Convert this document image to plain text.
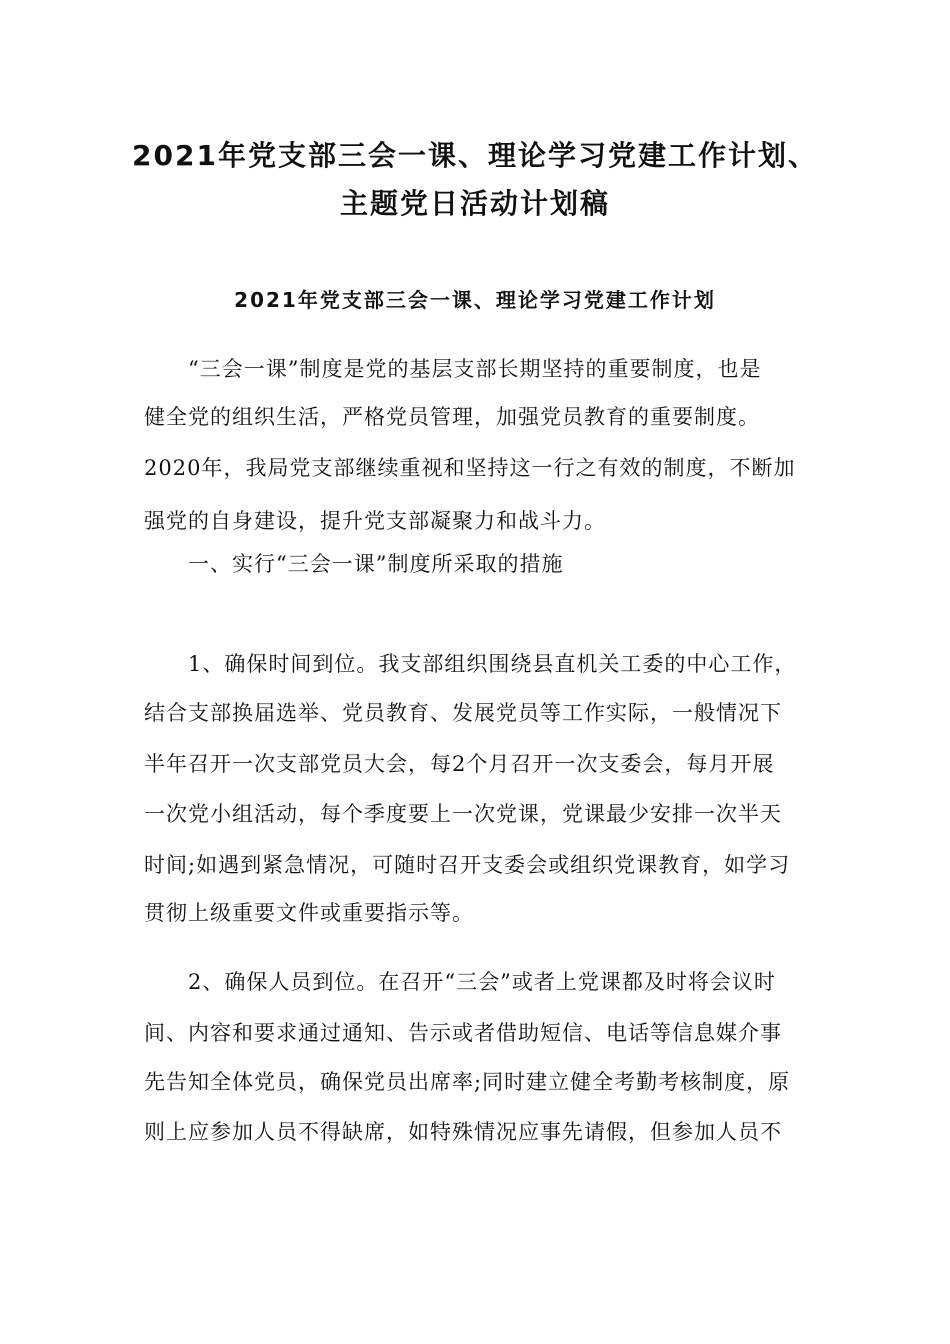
2021年党支部三会一课、理论学习党建工作计划、
主题党日活动计划稿
2021年党支部三会一课、理论学习党建工作计划
“三会一课”制度是党的基层支部长期坚持的重要制度，也是
健全党的组织生活，严格党员管理，加强党员教育的重要制度。
2020年，我局党支部继续重视和坚持这一行之有效的制度，不断加
强党的自身建设，提升党支部凝聚力和战斗力。
一、实行“三会一课”制度所采取的措施
1、确保时间到位。我支部组织围绕县直机关工委的中心工作，
结合支部换届选举、党员教育、发展党员等工作实际，一般情况下
半年召开一次支部党员大会，每2个月召开一次支委会，每月开展
一次党小组活动，每个季度要上一次党课，党课最少安排一次半天
时间;如遇到紧急情况，可随时召开支委会或组织党课教育，如学习
贯彻上级重要文件或重要指示等。
2、确保人员到位。在召开“三会”或者上党课都及时将会议时
间、内容和要求通过通知、告示或者借助短信、电话等信息媒介事
先告知全体党员，确保党员出席率;同时建立健全考勤考核制度，原
则上应参加人员不得缺席，如特殊情况应事先请假，但参加人员不
